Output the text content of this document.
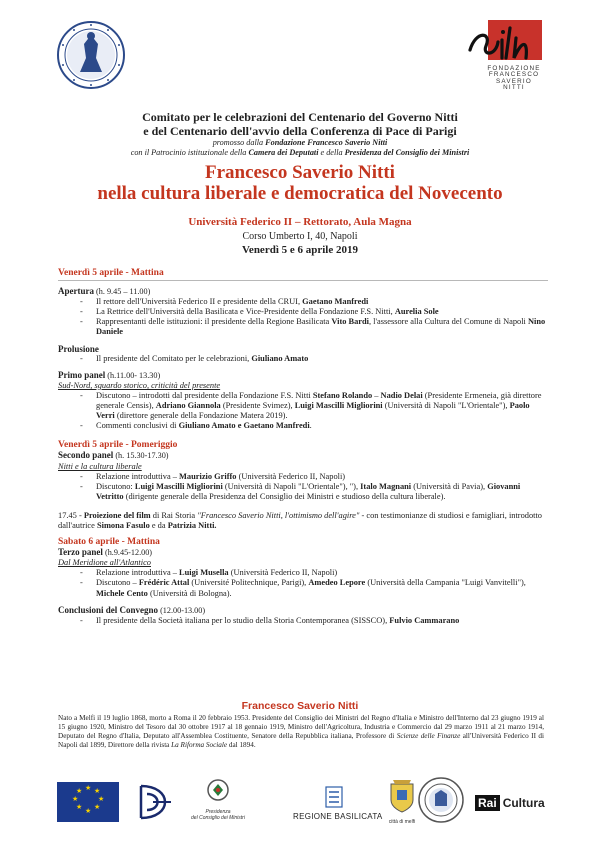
FONDAZIONE
FRANCESCO
SAVERIO
NITTI
Comitato per le celebrazioni del Centenario del Governo Nitti
e del Centenario dell'avvio della Conferenza di Pace di Parigi
promosso dalla Fondazione Francesco Saverio Nitti
con il Patrocinio istituzionale della Camera dei Deputati e della Presidenza del Consiglio dei Ministri
Francesco Saverio Nitti
nella cultura liberale e democratica del Novecento
Università Federico II – Rettorato, Aula Magna
Corso Umberto I, 40, Napoli
Venerdì 5 e 6 aprile 2019

Venerdì 5 aprile - Mattina

Apertura (h. 9.45 – 11.00)

- Il rettore dell'Università Federico II e presidente della CRUI, Gaetano Manfredi
- La Rettrice dell'Università della Basilicata e Vice-Presidente della Fondazione F.S. Nitti, Aurelia Sole
- Rappresentanti delle istituzioni: il presidente della Regione Basilicata Vito Bardi, l'assessore alla Cultura del Comune di Napoli Nino Daniele

Prolusione

- Il presidente del Comitato per le celebrazioni, Giuliano Amato

Primo panel (h.11.00- 13.30)

Sud-Nord, sguardo storico, criticità del presente

- Discutono – introdotti dal presidente della Fondazione F.S. Nitti Stefano Rolando – Nadio Delai (Presidente Ermeneia, già direttore generale Censis), Adriano Giannola (Presidente Svimez), Luigi Mascilli Migliorini (Università di Napoli "L'Orientale"), Paolo Verri (direttore generale della Fondazione Matera 2019).
- Commenti conclusivi di Giuliano Amato e Gaetano Manfredi.

Venerdì 5 aprile - Pomeriggio

Secondo panel (h. 15.30-17.30)

Nitti e la cultura liberale

- Relazione introduttiva – Maurizio Griffo (Università Federico II, Napoli)
- Discutono: Luigi Mascilli Migliorini (Università di Napoli "L'Orientale"), "), Italo Magnani (Università di Pavia), Giovanni Vetritto (dirigente generale della Presidenza del Consiglio dei Ministri e studioso della cultura liberale).

17.45 - Proiezione del film di Rai Storia "Francesco Saverio Nitti, l'ottimismo dell'agire" - con testimonianze di studiosi e famigliari, introdotto dall'autrice Simona Fasulo e da Patrizia Nitti.

Sabato 6 aprile - Mattina

Terzo panel (h.9.45-12.00)

Dal Meridione all'Atlantico

- Relazione introduttiva – Luigi Musella (Università Federico II, Napoli)
- Discutono – Frédéric Attal (Université Politechnique, Parigi), Amedeo Lepore (Università della Campania "Luigi Vanvitelli"), Michele Cento (Università di Bologna).

Conclusioni del Convegno (12.00-13.00)

- Il presidente della Società italiana per lo studio della Storia Contemporanea (SISSCO), Fulvio Cammarano
Francesco Saverio Nitti
Nato a Melfi il 19 luglio 1868, morto a Roma il 20 febbraio 1953. Presidente del Consiglio dei Ministri del Regno d'Italia e Ministro dell'Interno dal 23 giugno 1919 al 15 giugno 1920, Ministro del Tesoro dal 30 ottobre 1917 al 18 gennaio 1919, Ministro dell'Agricoltura, Industria e Commercio dal 29 marzo 1911 al 21 marzo 1914, Deputato del Regno d'Italia, Deputato all'Assemblea Costituente, Senatore della Repubblica italiana, Professore di Scienze delle Finanze all'Università Federico II di Napoli dal 1899, Direttore della rivista La Riforma Sociale dal 1894.
★ ★
★
★
★
★
★
★
Presidenza
del Consiglio dei Ministri	REGIONE BASILICATA
città di melfi
Rai Cultura
